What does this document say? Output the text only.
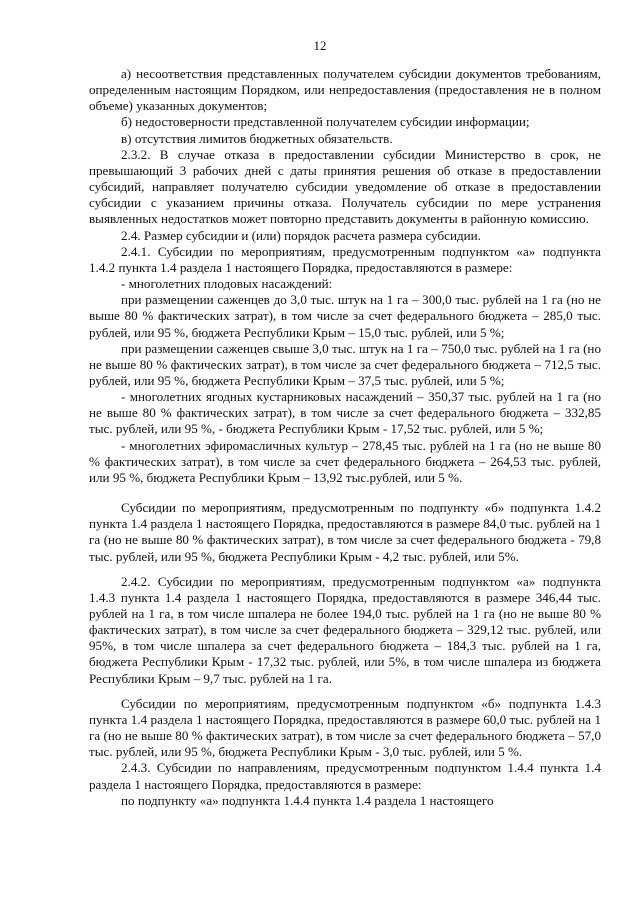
12

а) несоответствия представленных получателем субсидии документов требованиям, определенным настоящим Порядком, или непредоставления (предоставления не в полном объеме) указанных документов;

б) недостоверности представленной получателем субсидии информации;

в) отсутствия лимитов бюджетных обязательств.

2.3.2. В случае отказа в предоставлении субсидии Министерство в срок, не превышающий 3 рабочих дней с даты принятия решения об отказе в предоставлении субсидий, направляет получателю субсидии уведомление об отказе в предоставлении субсидии с указанием причины отказа. Получатель субсидии по мере устранения выявленных недостатков может повторно представить документы в районную комиссию.

2.4. Размер субсидии и (или) порядок расчета размера субсидии.

2.4.1. Субсидии по мероприятиям, предусмотренным подпунктом «а» подпункта 1.4.2 пункта 1.4 раздела 1 настоящего Порядка, предоставляются в размере:

- многолетних плодовых насаждений:

при размещении саженцев до 3,0 тыс. штук на 1 га – 300,0 тыс. рублей на 1 га (но не выше 80 % фактических затрат), в том числе за счет федерального бюджета – 285,0 тыс. рублей, или 95 %, бюджета Республики Крым – 15,0 тыс. рублей, или 5 %;

при размещении саженцев свыше 3,0 тыс. штук на 1 га – 750,0 тыс. рублей на 1 га (но не выше 80 % фактических затрат), в том числе за счет федерального бюджета – 712,5 тыс. рублей, или 95 %, бюджета Республики Крым – 37,5 тыс. рублей, или 5 %;

- многолетних ягодных кустарниковых насаждений – 350,37 тыс. рублей на 1 га (но не выше 80 % фактических затрат), в том числе за счет федерального бюджета – 332,85 тыс. рублей, или 95 %, - бюджета Республики Крым - 17,52 тыс. рублей, или 5 %;

- многолетних эфиромасличных культур – 278,45 тыс. рублей на 1 га (но не выше 80 % фактических затрат), в том числе за счет федерального бюджета – 264,53 тыс. рублей, или 95 %, бюджета Республики Крым – 13,92 тыс.рублей, или 5 %.

Субсидии по мероприятиям, предусмотренным по подпункту «б» подпункта 1.4.2 пункта 1.4 раздела 1 настоящего Порядка, предоставляются в размере 84,0 тыс. рублей на 1 га (но не выше 80 % фактических затрат), в том числе за счет федерального бюджета - 79,8 тыс. рублей, или 95 %, бюджета Республики Крым - 4,2 тыс. рублей, или 5%.

2.4.2. Субсидии по мероприятиям, предусмотренным подпунктом «а» подпункта 1.4.3 пункта 1.4 раздела 1 настоящего Порядка, предоставляются в размере 346,44 тыс. рублей на 1 га, в том числе шпалера не более 194,0 тыс. рублей на 1 га (но не выше 80 % фактических затрат), в том числе за счет федерального бюджета – 329,12 тыс. рублей, или 95%, в том числе шпалера за счет федерального бюджета – 184,3 тыс. рублей на 1 га, бюджета Республики Крым - 17,32 тыс. рублей, или 5%, в том числе шпалера из бюджета Республики Крым – 9,7 тыс. рублей на 1 га.

Субсидии по мероприятиям, предусмотренным подпунктом «б» подпункта 1.4.3 пункта 1.4 раздела 1 настоящего Порядка, предоставляются в размере 60,0 тыс. рублей на 1 га (но не выше 80 % фактических затрат), в том числе за счет федерального бюджета – 57,0 тыс. рублей, или 95 %, бюджета Республики Крым - 3,0 тыс. рублей, или 5 %.

2.4.3. Субсидии по направлениям, предусмотренным подпунктом 1.4.4 пункта 1.4 раздела 1 настоящего Порядка, предоставляются в размере:

по подпункту «а» подпункта 1.4.4 пункта 1.4 раздела 1 настоящего
